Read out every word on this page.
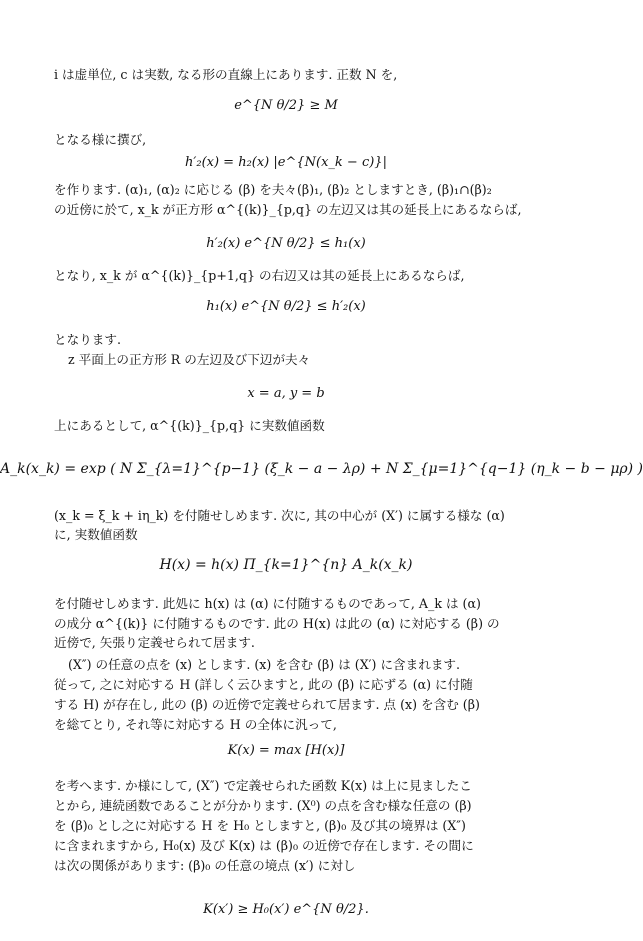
i は虚単位, c は実数, なる形の直線上にあります. 正数 N を,
e^{N θ/2} ≥ M
となる様に撰び,
h′₂(x) = h₂(x) |e^{N(x_k − c)}|
を作ります. (α)₁, (α)₂ に応じる (β) を夫々(β)₁, (β)₂ としますとき, (β)₁∩(β)₂
の近傍に於て, x_k が正方形 α^{(k)}_{p,q} の左辺又は其の延長上にあるならば,
h′₂(x) e^{N θ/2} ≤ h₁(x)
となり, x_k が α^{(k)}_{p+1,q} の右辺又は其の延長上にあるならば,
h₁(x) e^{N θ/2} ≤ h′₂(x)
となります.
z 平面上の正方形 R の左辺及び下辺が夫々
x = a, y = b
上にあるとして, α^{(k)}_{p,q} に実数値函数
A_k(x_k) = exp ( N Σ_{λ=1}^{p−1} (ξ_k − a − λρ) + N Σ_{μ=1}^{q−1} (η_k − b − μρ) )
(x_k = ξ_k + iη_k) を付随せしめます. 次に, 其の中心が (X′) に属する様な (α)
に, 実数値函数
H(x) = h(x) Π_{k=1}^{n} A_k(x_k)
を付随せしめます. 此処に h(x) は (α) に付随するものであって, A_k は (α)
の成分 α^{(k)} に付随するものです. 此の H(x) は此の (α) に対応する (β) の
近傍で, 矢張り定義せられて居ます.
(X″) の任意の点を (x) とします. (x) を含む (β) は (X′) に含まれます.
従って, 之に対応する H (詳しく云ひますと, 此の (β) に応ずる (α) に付随
する H) が存在し, 此の (β) の近傍で定義せられて居ます. 点 (x) を含む (β)
を総てとり, それ等に対応する H の全体に汎って,
K(x) = max [H(x)]
を考へます. か様にして, (X″) で定義せられた函数 K(x) は上に見ましたこ
とから, 連続函数であることが分かります. (X⁰) の点を含む様な任意の (β)
を (β)₀ とし之に対応する H を H₀ としますと, (β)₀ 及び其の境界は (X″)
に含まれますから, H₀(x) 及び K(x) は (β)₀ の近傍で存在します. その間に
は次の関係があります: (β)₀ の任意の境点 (x′) に対し
K(x′) ≥ H₀(x′) e^{N θ/2}.
